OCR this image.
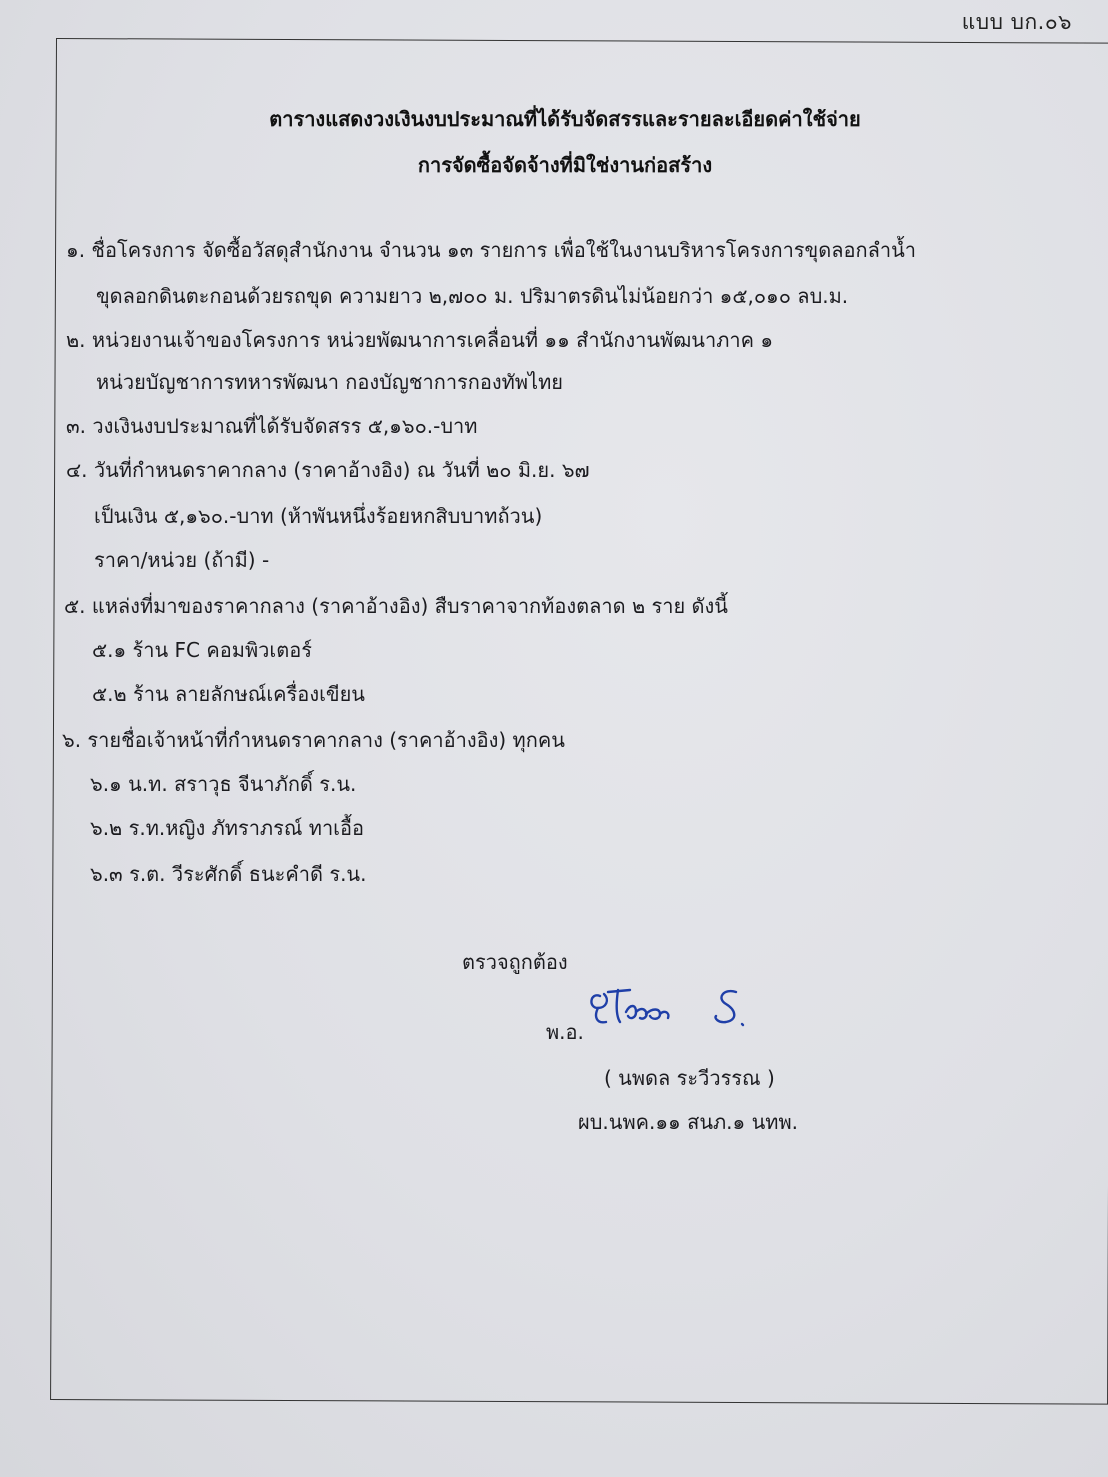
แบบ บก.๐๖
ตารางแสดงวงเงินงบประมาณที่ได้รับจัดสรรและรายละเอียดค่าใช้จ่าย
การจัดซื้อจัดจ้างที่มิใช่งานก่อสร้าง
๑. ชื่อโครงการ จัดซื้อวัสดุสำนักงาน จำนวน ๑๓ รายการ เพื่อใช้ในงานบริหารโครงการขุดลอกลำน้ำ
ขุดลอกดินตะกอนด้วยรถขุด ความยาว ๒,๗๐๐ ม. ปริมาตรดินไม่น้อยกว่า ๑๕,๐๑๐ ลบ.ม.
๒. หน่วยงานเจ้าของโครงการ หน่วยพัฒนาการเคลื่อนที่ ๑๑ สำนักงานพัฒนาภาค ๑
หน่วยบัญชาการทหารพัฒนา กองบัญชาการกองทัพไทย
๓. วงเงินงบประมาณที่ได้รับจัดสรร ๕,๑๖๐.-บาท
๔. วันที่กำหนดราคากลาง (ราคาอ้างอิง) ณ วันที่ ๒๐ มิ.ย. ๖๗
เป็นเงิน ๕,๑๖๐.-บาท (ห้าพันหนึ่งร้อยหกสิบบาทถ้วน)
ราคา/หน่วย (ถ้ามี) -
๕. แหล่งที่มาของราคากลาง (ราคาอ้างอิง) สืบราคาจากท้องตลาด ๒ ราย ดังนี้
๕.๑ ร้าน FC คอมพิวเตอร์
๕.๒ ร้าน ลายลักษณ์เครื่องเขียน
๖. รายชื่อเจ้าหน้าที่กำหนดราคากลาง (ราคาอ้างอิง) ทุกคน
๖.๑ น.ท. สราวุธ จีนาภักดิ์ ร.น.
๖.๒ ร.ท.หญิง ภัทราภรณ์ ทาเอื้อ
๖.๓ ร.ต. วีระศักดิ์ ธนะคำดี ร.น.
ตรวจถูกต้อง
พ.อ.
( นพดล ระวีวรรณ )
ผบ.นพค.๑๑ สนภ.๑ นทพ.
